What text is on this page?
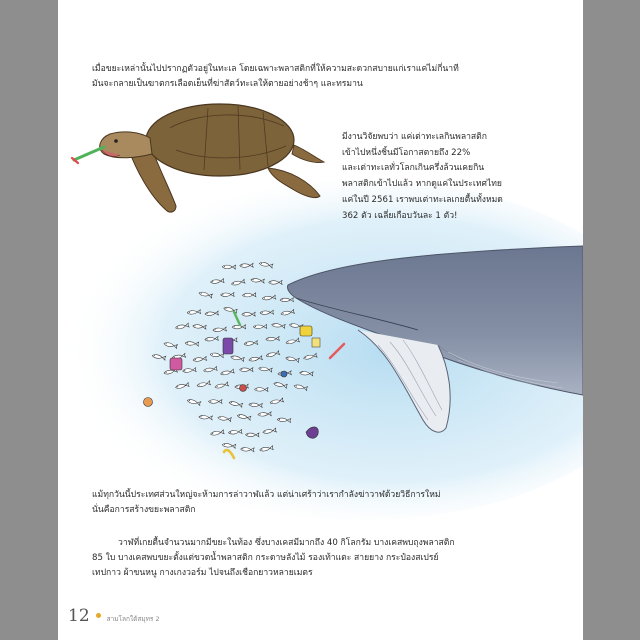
เมื่อขยะเหล่านั้นไปปรากฏตัวอยู่ในทะเล โดยเฉพาะพลาสติกที่ให้ความสะดวกสบายแก่เราแค่ไม่กี่นาที
มันจะกลายเป็นฆาตกรเลือดเย็นที่ฆ่าสัตว์ทะเลให้ตายอย่างช้าๆ และทรมาน

มีงานวิจัยพบว่า แค่เต่าทะเลกินพลาสติก
เข้าไปหนึ่งชิ้นมีโอกาสตายถึง 22%
และเต่าทะเลทั่วโลกเกินครึ่งล้วนเคยกิน
พลาสติกเข้าไปแล้ว หากดูแค่ในประเทศไทย
แค่ในปี 2561 เราพบเต่าทะเลเกยตื้นทั้งหมด
362 ตัว เฉลี่ยเกือบวันละ 1 ตัว!

แม้ทุกวันนี้ประเทศส่วนใหญ่จะห้ามการล่าวาฬแล้ว แต่น่าเศร้าว่าเรากำลังฆ่าวาฬด้วยวิธีการใหม่
นั่นคือการสร้างขยะพลาสติก

วาฬที่เกยตื้นจำนวนมากมีขยะในท้อง ซึ่งบางเคสมีมากถึง 40 กิโลกรัม บางเคสพบถุงพลาสติก
85 ใบ บางเคสพบขยะตั้งแต่ขวดน้ำพลาสติก กระดาษลังไม้ รองเท้าแตะ สายยาง กระป๋องสเปรย์
เทปกาว ผ้าขนหนู กางเกงวอร์ม ไปจนถึงเชือกยาวหลายเมตร

12	สามโลกใต้สมุทร 2
